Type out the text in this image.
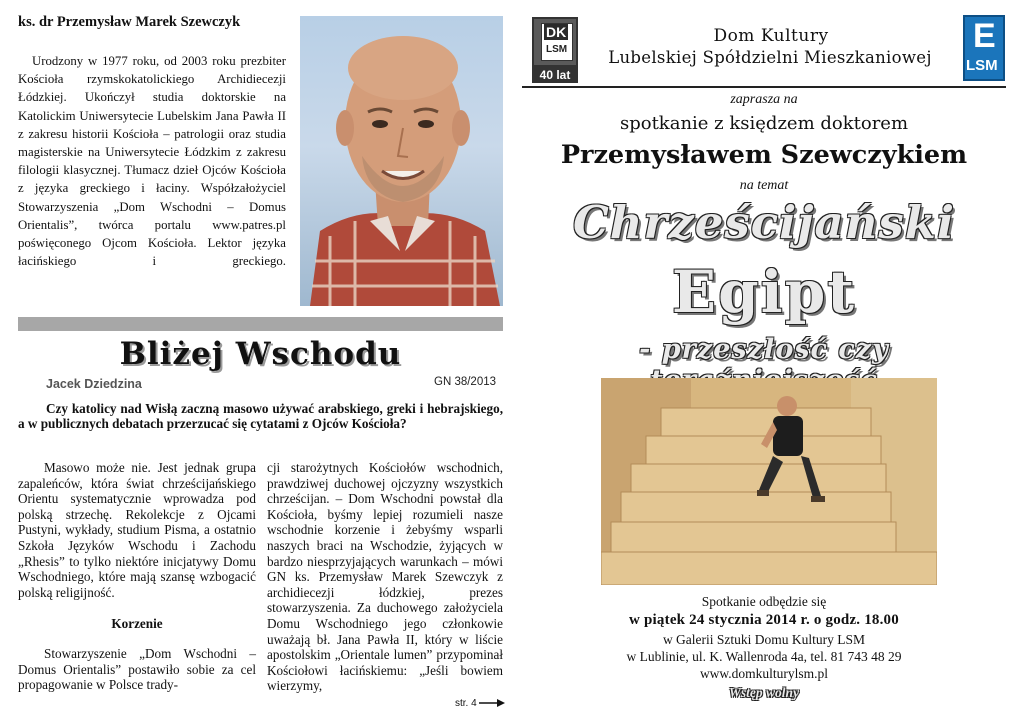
ks. dr Przemysław Marek Szewczyk
Urodzony w 1977 roku, od 2003 roku prezbiter Kościoła rzymskokatolickiego Archidiecezji Łódzkiej. Ukończył studia doktorskie na Katolickim Uniwersytecie Lubelskim Jana Pawła II z zakresu historii Kościoła – patrologii oraz studia magisterskie na Uniwersytecie Łódzkim z zakresu filologii klasycznej. Tłumacz dzieł Ojców Kościoła z języka greckiego i łaciny. Współzałożyciel Stowarzyszenia „Dom Wschodni – Domus Orientalis”, twórca portalu www.patres.pl poświęconego Ojcom Kościoła. Lektor języka łacińskiego i greckiego.
Bliżej Wschodu
Jacek Dziedzina	GN 38/2013
Czy katolicy nad Wisłą zaczną masowo używać arabskiego, greki i hebrajskiego, a w publicznych debatach przerzucać się cytatami z Ojców Kościoła?

Masowo może nie. Jest jednak grupa zapaleńców, która świat chrześcijańskiego Orientu systematycznie wprowadza pod polską strzechę. Rekolekcje z Ojcami Pustyni, wykłady, studium Pisma, a ostatnio Szkoła Języków Wschodu i Zachodu „Rhesis” to tylko niektóre inicjatywy Domu Wschodniego, które mają szansę wzbogacić polską religijność.

Korzenie

Stowarzyszenie „Dom Wschodni – Domus Orientalis” postawiło sobie za cel propagowanie w Polsce trady-

cji starożytnych Kościołów wschodnich, prawdziwej duchowej ojczyzny wszystkich chrześcijan. – Dom Wschodni powstał dla Kościoła, byśmy lepiej rozumieli nasze wschodnie korzenie i żebyśmy wsparli naszych braci na Wschodzie, żyjących w bardzo niesprzyjających warunkach – mówi GN ks. Przemysław Marek Szewczyk z archidiecezji łódzkiej, prezes stowarzyszenia. Za duchowego założyciela Domu Wschodniego jego członkowie uważają bł. Jana Pawła II, który w liście apostolskim „Orientale lumen” przypominał Kościołowi łacińskiemu: „Jeśli bowiem wierzymy,

str. 4
DK
LSM
40 lat
Dom Kultury
Lubelskiej Spółdzielni Mieszkaniowej
E
LSM
zaprasza na
spotkanie z księdzem doktorem
Przemysławem Szewczykiem
na temat
Chrześcijański
Egipt
- przeszłość czy
Spotkanie odbędzie się
w piątek 24 stycznia 2014 r. o godz. 18.00
w Galerii Sztuki Domu Kultury LSM
w Lublinie, ul. K. Wallenroda 4a, tel. 81 743 48 29
www.domkulturylsm.pl
Wstęp wolny
